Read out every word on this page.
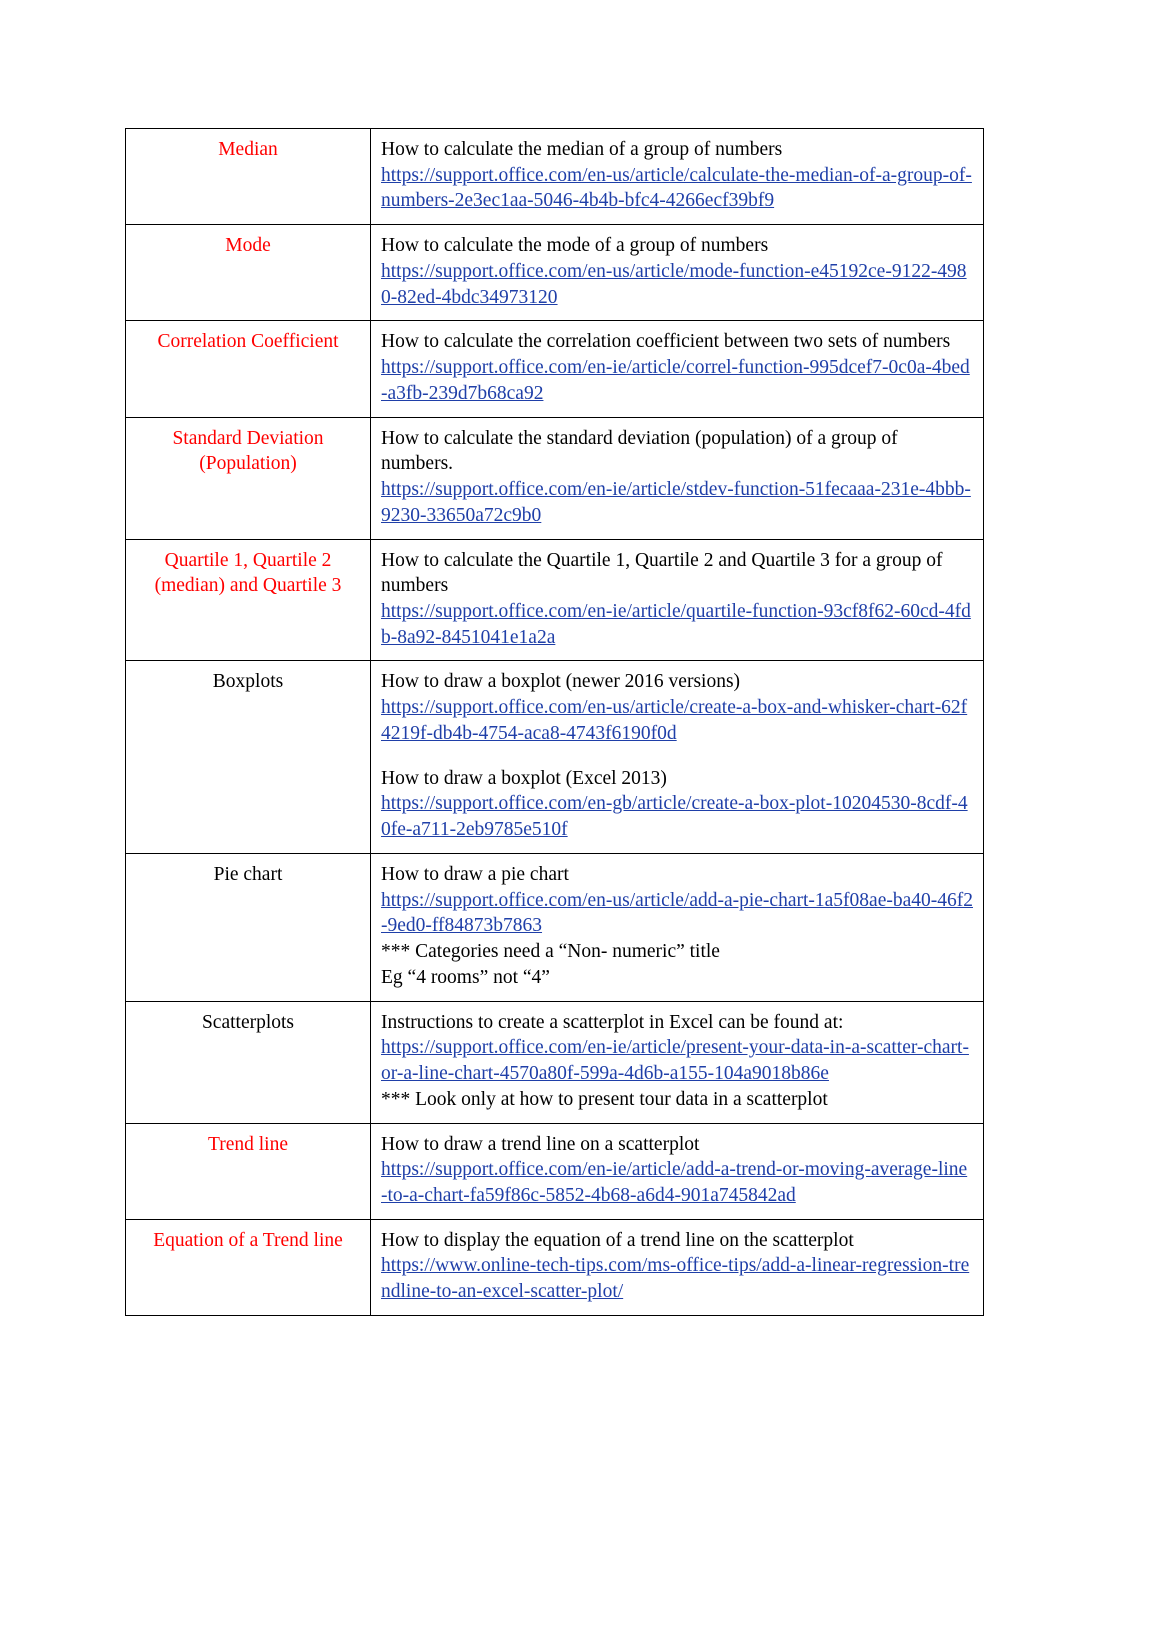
Median	How to calculate the median of a group of numbers
https://support.office.com/en-us/article/calculate-the-median-of-a-group-of-numbers-2e3ec1aa-5046-4b4b-bfc4-4266ecf39bf9

Mode	How to calculate the mode of a group of numbers
https://support.office.com/en-us/article/mode-function-e45192ce-9122-4980-82ed-4bdc34973120

Correlation Coefficient	How to calculate the correlation coefficient between two sets of numbers
https://support.office.com/en-ie/article/correl-function-995dcef7-0c0a-4bed-a3fb-239d7b68ca92

Standard Deviation (Population)	How to calculate the standard deviation (population) of a group of numbers.
https://support.office.com/en-ie/article/stdev-function-51fecaaa-231e-4bbb-9230-33650a72c9b0

Quartile 1, Quartile 2 (median) and Quartile 3	How to calculate the Quartile 1, Quartile 2 and Quartile 3 for a group of numbers
https://support.office.com/en-ie/article/quartile-function-93cf8f62-60cd-4fdb-8a92-8451041e1a2a

Boxplots	How to draw a boxplot (newer 2016 versions)
https://support.office.com/en-us/article/create-a-box-and-whisker-chart-62f4219f-db4b-4754-aca8-4743f6190f0d
How to draw a boxplot (Excel 2013)
https://support.office.com/en-gb/article/create-a-box-plot-10204530-8cdf-40fe-a711-2eb9785e510f

Pie chart	How to draw a pie chart
https://support.office.com/en-us/article/add-a-pie-chart-1a5f08ae-ba40-46f2-9ed0-ff84873b7863
*** Categories need a “Non- numeric” title
Eg “4 rooms” not “4”

Scatterplots	Instructions to create a scatterplot in Excel can be found at:
https://support.office.com/en-ie/article/present-your-data-in-a-scatter-chart-or-a-line-chart-4570a80f-599a-4d6b-a155-104a9018b86e
*** Look only at how to present tour data in a scatterplot

Trend line	How to draw a trend line on a scatterplot
https://support.office.com/en-ie/article/add-a-trend-or-moving-average-line-to-a-chart-fa59f86c-5852-4b68-a6d4-901a745842ad

Equation of a Trend line	How to display the equation of a trend line on the scatterplot
https://www.online-tech-tips.com/ms-office-tips/add-a-linear-regression-trendline-to-an-excel-scatter-plot/
